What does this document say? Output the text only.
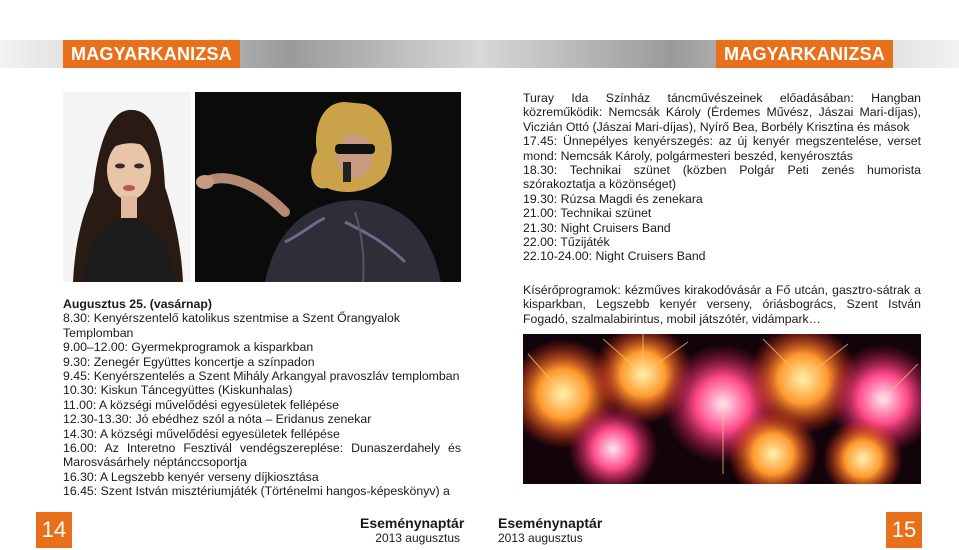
MAGYARKANIZSA	MAGYARKANIZSA

Augusztus 25. (vasárnap)

8.30: Kenyérszentelő katolikus szentmise a Szent Őrangyalok Templomban

9.00–12.00: Gyermekprogramok a kisparkban

9.30: Zenegér Együttes koncertje a színpadon

9.45: Kenyérszentelés a Szent Mihály Arkangyal pravoszláv templomban

10.30: Kiskun Táncegyüttes (Kiskunhalas)

11.00: A községi művelődési egyesületek fellépése

12.30-13.30: Jó ebédhez szól a nóta – Eridanus zenekar

14.30: A községi művelődési egyesületek fellépése

16.00: Az Interetno Fesztivál vendégszereplése: Dunaszerdahely és Marosvásárhely néptánccsoportja

16.30: A Legszebb kenyér verseny díjkiosztása

16.45: Szent István misztériumjáték (Történelmi hangos-képeskönyv) a

Turay Ida Színház táncművészeinek előadásában: Hangban közreműködik: Nemcsák Károly (Érdemes Művész, Jászai Mari-díjas), Viczián Ottó (Jászai Mari-díjas), Nyírő Bea, Borbély Krisztina és mások

17.45: Ünnepélyes kenyérszegés: az új kenyér megszentelése, verset mond: Nemcsák Károly, polgármesteri beszéd, kenyérosztás

18.30: Technikai szünet (közben Polgár Peti zenés humorista szórakoztatja a közönséget)

19.30: Rúzsa Magdi és zenekara

21.00: Technikai szünet

21.30: Night Cruisers Band

22.00: Tűzijáték

22.10-24.00: Night Cruisers Band

Kísérőprogramok: kézműves kirakodóvásár a Fő utcán, gasztro-sátrak a kisparkban, Legszebb kenyér verseny, óriásbogrács, Szent István Fogadó, szalmalabirintus, mobil játszótér, vidámpark…
14	15
Eseménynaptár
2013 augusztus
Eseménynaptár
2013 augusztus
